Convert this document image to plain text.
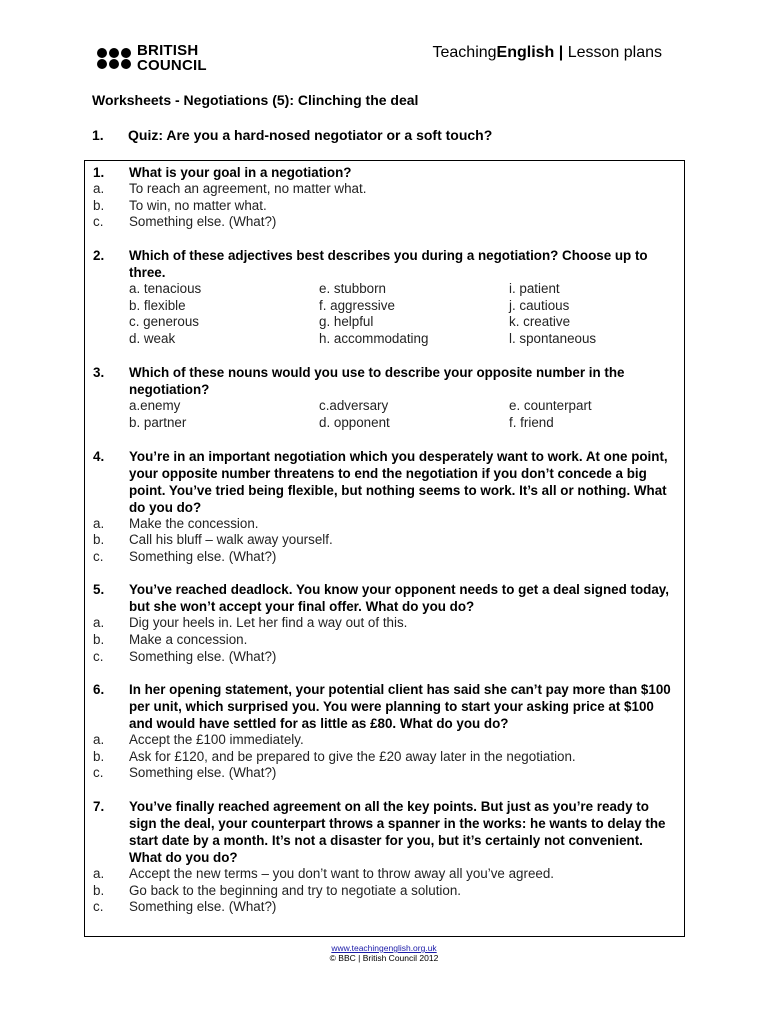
BRITISH
COUNCIL
TeachingEnglish | Lesson plans
Worksheets - Negotiations (5): Clinching the deal
1. Quiz: Are you a hard-nosed negotiator or a soft touch?
1.	What is your goal in a negotiation?
a.	To reach an agreement, no matter what.
b.	To win, no matter what.
c.	Something else. (What?)
2.	Which of these adjectives best describes you during a negotiation? Choose up to three.
a. tenacious	e. stubborn	i. patient
b. flexible	f. aggressive	j. cautious
c. generous	g. helpful	k. creative
d. weak	h. accommodating	l. spontaneous
3.	Which of these nouns would you use to describe your opposite number in the negotiation?
a.enemy	c.adversary	e. counterpart
b. partner	d. opponent	f. friend
4.	You’re in an important negotiation which you desperately want to work. At one point, your opposite number threatens to end the negotiation if you don’t concede a big point. You’ve tried being flexible, but nothing seems to work. It’s all or nothing. What do you do?
a.	Make the concession.
b.	Call his bluff – walk away yourself.
c.	Something else. (What?)
5.	You’ve reached deadlock. You know your opponent needs to get a deal signed today, but she won’t accept your final offer. What do you do?
a.	Dig your heels in. Let her find a way out of this.
b.	Make a concession.
c.	Something else. (What?)
6.	In her opening statement, your potential client has said she can’t pay more than $100 per unit, which surprised you. You were planning to start your asking price at $100 and would have settled for as little as £80. What do you do?
a.	Accept the £100 immediately.
b.	Ask for £120, and be prepared to give the £20 away later in the negotiation.
c.	Something else. (What?)
7.	You’ve finally reached agreement on all the key points. But just as you’re ready to sign the deal, your counterpart throws a spanner in the works: he wants to delay the start date by a month. It’s not a disaster for you, but it’s certainly not convenient. What do you do?
a.	Accept the new terms – you don’t want to throw away all you’ve agreed.
b.	Go back to the beginning and try to negotiate a solution.
c.	Something else. (What?)
www.teachingenglish.org.uk
© BBC | British Council 2012
